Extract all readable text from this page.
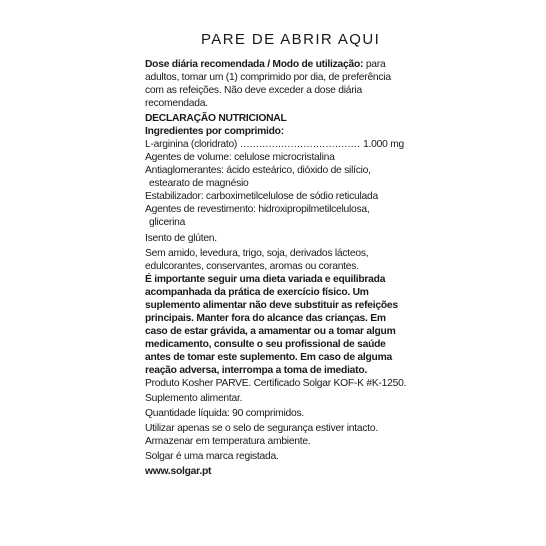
PARE DE ABRIR AQUI

Dose diária recomendada / Modo de utilização: para adultos, tomar um (1) comprimido por dia, de preferência com as refeições. Não deve exceder a dose diária recomendada.

DECLARAÇÃO NUTRICIONAL

Ingredientes por comprimido:

L-arginina (cloridrato)
.....	1.000 mg

Agentes de volume: celulose microcristalina

Antiaglomerantes: ácido esteárico, dióxido de silício,

estearato de magnésio

Estabilizador: carboximetilcelulose de sódio reticulada

Agentes de revestimento: hidroxipropilmetilcelulosa,

glicerina

Isento de glúten.

Sem amido, levedura, trigo, soja, derivados lácteos, edulcorantes, conservantes, aromas ou corantes.

É importante seguir uma dieta variada e equilibrada acompanhada da prática de exercício físico. Um suplemento alimentar não deve substituir as refeições principais. Manter fora do alcance das crianças. Em caso de estar grávida, a amamentar ou a tomar algum medicamento, consulte o seu profissional de saúde antes de tomar este suplemento. Em caso de alguma reação adversa, interrompa a toma de imediato.

Produto Kosher PARVE. Certificado Solgar KOF-K #K-1250.

Suplemento alimentar.

Quantidade líquida: 90 comprimidos.

Utilizar apenas se o selo de segurança estiver intacto.

Armazenar em temperatura ambiente.

Solgar é uma marca registada.

www.solgar.pt
